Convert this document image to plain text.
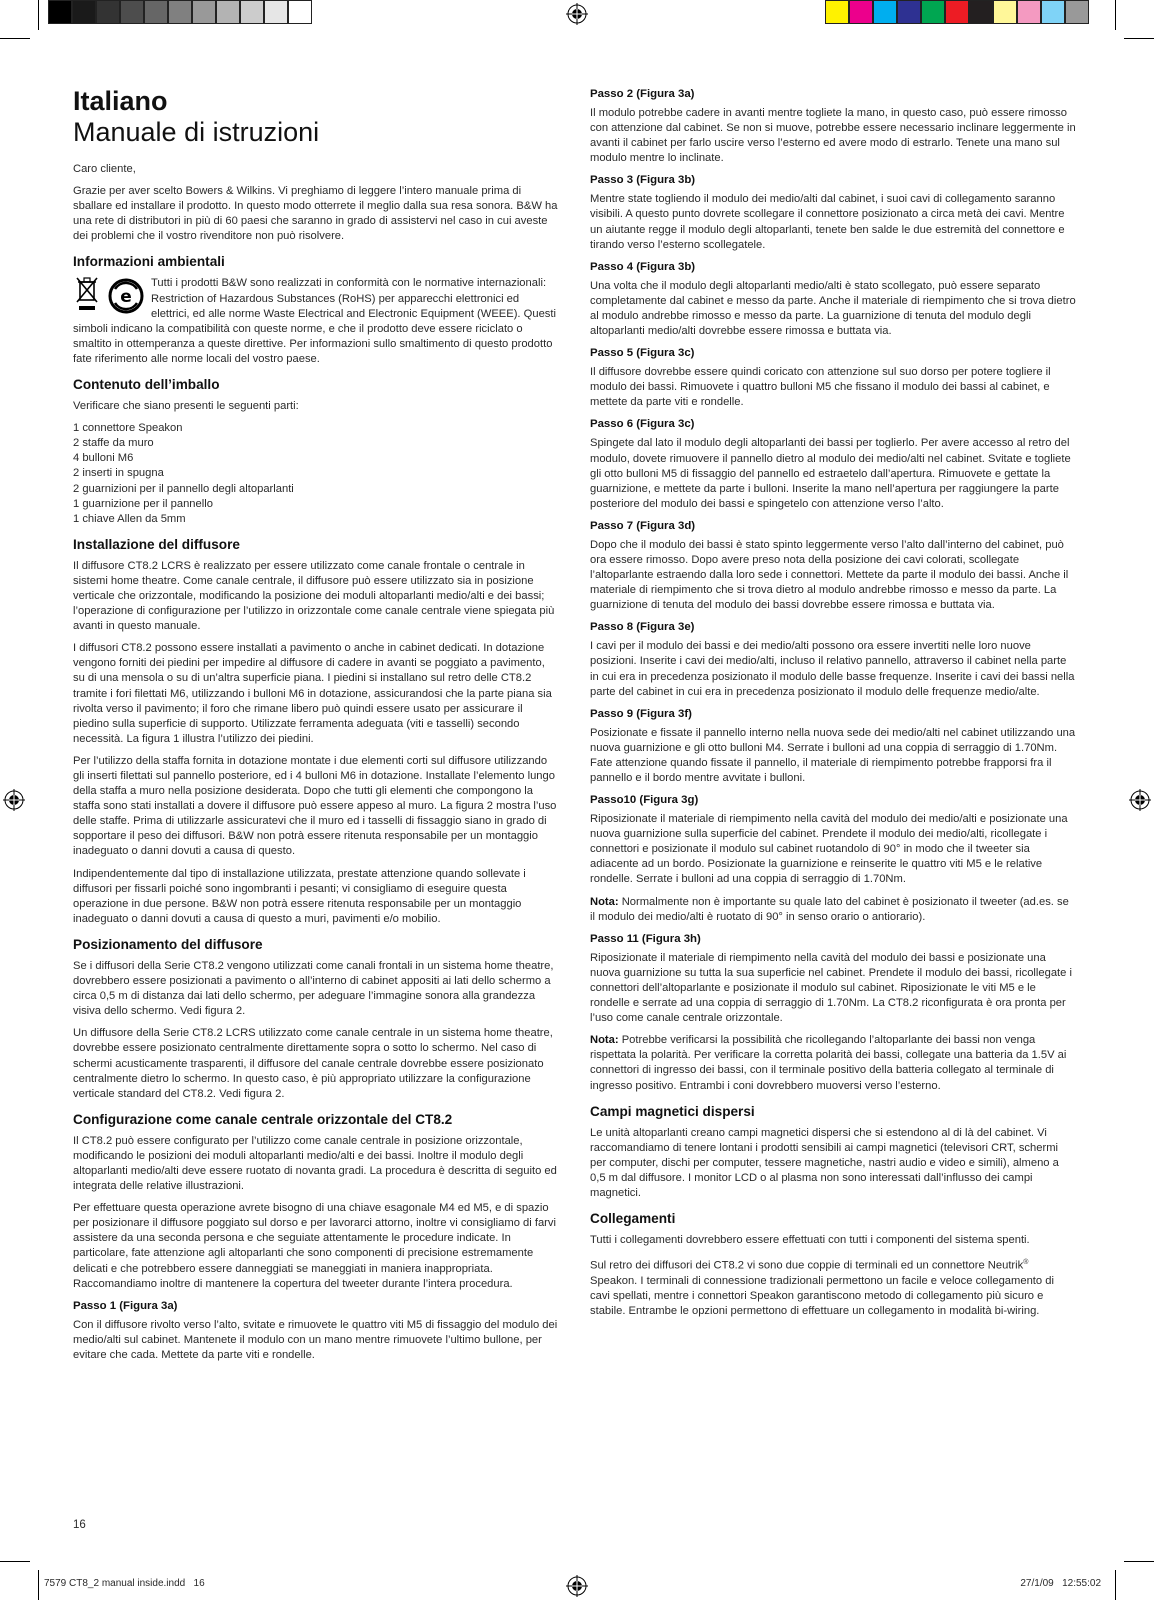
Italiano
Manuale di istruzioni

Caro cliente,

Grazie per aver scelto Bowers & Wilkins. Vi preghiamo di leggere l’intero manuale prima di sballare ed installare il prodotto. In questo modo otterrete il meglio dalla sua resa sonora. B&W ha una rete di distributori in più di 60 paesi che saranno in grado di assistervi nel caso in cui aveste dei problemi che il vostro rivenditore non può risolvere.

Informazioni ambientali
e

Tutti i prodotti B&W sono realizzati in conformità con le normative internazionali: Restriction of Hazardous Substances (RoHS) per apparecchi elettronici ed elettrici, ed alle norme Waste Electrical and Electronic Equipment (WEEE). Questi simboli indicano la compatibilità con queste norme, e che il prodotto deve essere riciclato o smaltito in ottemperanza a queste direttive. Per informazioni sullo smaltimento di questo prodotto fate riferimento alle norme locali del vostro paese.

Contenuto dell’imballo

Verificare che siano presenti le seguenti parti:

1 connettore Speakon

2 staffe da muro

4 bulloni M6

2 inserti in spugna

2 guarnizioni per il pannello degli altoparlanti

1 guarnizione per il pannello

1 chiave Allen da 5mm

Installazione del diffusore

Il diffusore CT8.2 LCRS è realizzato per essere utilizzato come canale frontale o centrale in sistemi home theatre. Come canale centrale, il diffusore può essere utilizzato sia in posizione verticale che orizzontale, modificando la posizione dei moduli altoparlanti medio/alti e dei bassi; l’operazione di configurazione per l’utilizzo in orizzontale come canale centrale viene spiegata più avanti in questo manuale.

I diffusori CT8.2 possono essere installati a pavimento o anche in cabinet dedicati. In dotazione vengono forniti dei piedini per impedire al diffusore di cadere in avanti se poggiato a pavimento, su di una mensola o su di un’altra superficie piana. I piedini si installano sul retro delle CT8.2 tramite i fori filettati M6, utilizzando i bulloni M6 in dotazione, assicurandosi che la parte piana sia rivolta verso il pavimento; il foro che rimane libero può quindi essere usato per assicurare il piedino sulla superficie di supporto. Utilizzate ferramenta adeguata (viti e tasselli) secondo necessità. La figura 1 illustra l’utilizzo dei piedini.

Per l’utilizzo della staffa fornita in dotazione montate i due elementi corti sul diffusore utilizzando gli inserti filettati sul pannello posteriore, ed i 4 bulloni M6 in dotazione. Installate l’elemento lungo della staffa a muro nella posizione desiderata. Dopo che tutti gli elementi che compongono la staffa sono stati installati a dovere il diffusore può essere appeso al muro. La figura 2 mostra l’uso delle staffe. Prima di utilizzarle assicuratevi che il muro ed i tasselli di fissaggio siano in grado di sopportare il peso dei diffusori. B&W non potrà essere ritenuta responsabile per un montaggio inadeguato o danni dovuti a causa di questo.

Indipendentemente dal tipo di installazione utilizzata, prestate attenzione quando sollevate i diffusori per fissarli poiché sono ingombranti i pesanti; vi consigliamo di eseguire questa operazione in due persone. B&W non potrà essere ritenuta responsabile per un montaggio inadeguato o danni dovuti a causa di questo a muri, pavimenti e/o mobilio.

Posizionamento del diffusore

Se i diffusori della Serie CT8.2 vengono utilizzati come canali frontali in un sistema home theatre, dovrebbero essere posizionati a pavimento o all’interno di cabinet appositi ai lati dello schermo a circa 0,5 m di distanza dai lati dello schermo, per adeguare l’immagine sonora alla grandezza visiva dello schermo. Vedi figura 2.

Un diffusore della Serie CT8.2 LCRS utilizzato come canale centrale in un sistema home theatre, dovrebbe essere posizionato centralmente direttamente sopra o sotto lo schermo. Nel caso di schermi acusticamente trasparenti, il diffusore del canale centrale dovrebbe essere posizionato centralmente dietro lo schermo. In questo caso, è più appropriato utilizzare la configurazione verticale standard del CT8.2. Vedi figura 2.

Configurazione come canale centrale orizzontale del CT8.2

Il CT8.2 può essere configurato per l’utilizzo come canale centrale in posizione orizzontale, modificando le posizioni dei moduli altoparlanti medio/alti e dei bassi. Inoltre il modulo degli altoparlanti medio/alti deve essere ruotato di novanta gradi. La procedura è descritta di seguito ed integrata delle relative illustrazioni.

Per effettuare questa operazione avrete bisogno di una chiave esagonale M4 ed M5, e di spazio per posizionare il diffusore poggiato sul dorso e per lavorarci attorno, inoltre vi consigliamo di farvi assistere da una seconda persona e che seguiate attentamente le procedure indicate. In particolare, fate attenzione agli altoparlanti che sono componenti di precisione estremamente delicati e che potrebbero essere danneggiati se maneggiati in maniera inappropriata. Raccomandiamo inoltre di mantenere la copertura del tweeter durante l’intera procedura.

Passo 1 (Figura 3a)

Con il diffusore rivolto verso l’alto, svitate e rimuovete le quattro viti M5 di fissaggio del modulo dei medio/alti sul cabinet. Mantenete il modulo con un mano mentre rimuovete l’ultimo bullone, per evitare che cada. Mettete da parte viti e rondelle.

Passo 2 (Figura 3a)

Il modulo potrebbe cadere in avanti mentre togliete la mano, in questo caso, può essere rimosso con attenzione dal cabinet. Se non si muove, potrebbe essere necessario inclinare leggermente in avanti il cabinet per farlo uscire verso l’esterno ed avere modo di estrarlo. Tenete una mano sul modulo mentre lo inclinate.

Passo 3 (Figura 3b)

Mentre state togliendo il modulo dei medio/alti dal cabinet, i suoi cavi di collegamento saranno visibili. A questo punto dovrete scollegare il connettore posizionato a circa metà dei cavi. Mentre un aiutante regge il modulo degli altoparlanti, tenete ben salde le due estremità del connettore e tirando verso l’esterno scollegatele.

Passo 4 (Figura 3b)

Una volta che il modulo degli altoparlanti medio/alti è stato scollegato, può essere separato completamente dal cabinet e messo da parte. Anche il materiale di riempimento che si trova dietro al modulo andrebbe rimosso e messo da parte. La guarnizione di tenuta del modulo degli altoparlanti medio/alti dovrebbe essere rimossa e buttata via.

Passo 5 (Figura 3c)

Il diffusore dovrebbe essere quindi coricato con attenzione sul suo dorso per potere togliere il modulo dei bassi. Rimuovete i quattro bulloni M5 che fissano il modulo dei bassi al cabinet, e mettete da parte viti e rondelle.

Passo 6 (Figura 3c)

Spingete dal lato il modulo degli altoparlanti dei bassi per toglierlo. Per avere accesso al retro del modulo, dovete rimuovere il pannello dietro al modulo dei medio/alti nel cabinet. Svitate e togliete gli otto bulloni M5 di fissaggio del pannello ed estraetelo dall’apertura. Rimuovete e gettate la guarnizione, e mettete da parte i bulloni. Inserite la mano nell’apertura per raggiungere la parte posteriore del modulo dei bassi e spingetelo con attenzione verso l’alto.

Passo 7 (Figura 3d)

Dopo che il modulo dei bassi è stato spinto leggermente verso l’alto dall’interno del cabinet, può ora essere rimosso. Dopo avere preso nota della posizione dei cavi colorati, scollegate l’altoparlante estraendo dalla loro sede i connettori. Mettete da parte il modulo dei bassi. Anche il materiale di riempimento che si trova dietro al modulo andrebbe rimosso e messo da parte. La guarnizione di tenuta del modulo dei bassi dovrebbe essere rimossa e buttata via.

Passo 8 (Figura 3e)

I cavi per il modulo dei bassi e dei medio/alti possono ora essere invertiti nelle loro nuove posizioni. Inserite i cavi dei medio/alti, incluso il relativo pannello, attraverso il cabinet nella parte in cui era in precedenza posizionato il modulo delle basse frequenze. Inserite i cavi dei bassi nella parte del cabinet in cui era in precedenza posizionato il modulo delle frequenze medio/alte.

Passo 9 (Figura 3f)

Posizionate e fissate il pannello interno nella nuova sede dei medio/alti nel cabinet utilizzando una nuova guarnizione e gli otto bulloni M4. Serrate i bulloni ad una coppia di serraggio di 1.70Nm. Fate attenzione quando fissate il pannello, il materiale di riempimento potrebbe frapporsi fra il pannello e il bordo mentre avvitate i bulloni.

Passo10 (Figura 3g)

Riposizionate il materiale di riempimento nella cavità del modulo dei medio/alti e posizionate una nuova guarnizione sulla superficie del cabinet. Prendete il modulo dei medio/alti, ricollegate i connettori e posizionate il modulo sul cabinet ruotandolo di 90° in modo che il tweeter sia adiacente ad un bordo. Posizionate la guarnizione e reinserite le quattro viti M5 e le relative rondelle. Serrate i bulloni ad una coppia di serraggio di 1.70Nm.

Nota: Normalmente non è importante su quale lato del cabinet è posizionato il tweeter (ad.es. se il modulo dei medio/alti è ruotato di 90° in senso orario o antiorario).

Passo 11 (Figura 3h)

Riposizionate il materiale di riempimento nella cavità del modulo dei bassi e posizionate una nuova guarnizione su tutta la sua superficie nel cabinet. Prendete il modulo dei bassi, ricollegate i connettori dell’altoparlante e posizionate il modulo sul cabinet. Riposizionate le viti M5 e le rondelle e serrate ad una coppia di serraggio di 1.70Nm. La CT8.2 riconfigurata è ora pronta per l’uso come canale centrale orizzontale.

Nota: Potrebbe verificarsi la possibilità che ricollegando l’altoparlante dei bassi non venga rispettata la polarità. Per verificare la corretta polarità dei bassi, collegate una batteria da 1.5V ai connettori di ingresso dei bassi, con il terminale positivo della batteria collegato al terminale di ingresso positivo. Entrambi i coni dovrebbero muoversi verso l’esterno.

Campi magnetici dispersi

Le unità altoparlanti creano campi magnetici dispersi che si estendono al di là del cabinet. Vi raccomandiamo di tenere lontani i prodotti sensibili ai campi magnetici (televisori CRT, schermi per computer, dischi per computer, tessere magnetiche, nastri audio e video e simili), almeno a 0,5 m dal diffusore. I monitor LCD o al plasma non sono interessati dall’influsso dei campi magnetici.

Collegamenti

Tutti i collegamenti dovrebbero essere effettuati con tutti i componenti del sistema spenti.

Sul retro dei diffusori dei CT8.2 vi sono due coppie di terminali ed un connettore Neutrik® Speakon. I terminali di connessione tradizionali permettono un facile e veloce collegamento di cavi spellati, mentre i connettori Speakon garantiscono metodo di collegamento più sicuro e stabile. Entrambe le opzioni permettono di effettuare un collegamento in modalità bi-wiring.

16
7579 CT8_2 manual inside.indd   16	27/1/09   12:55:02
